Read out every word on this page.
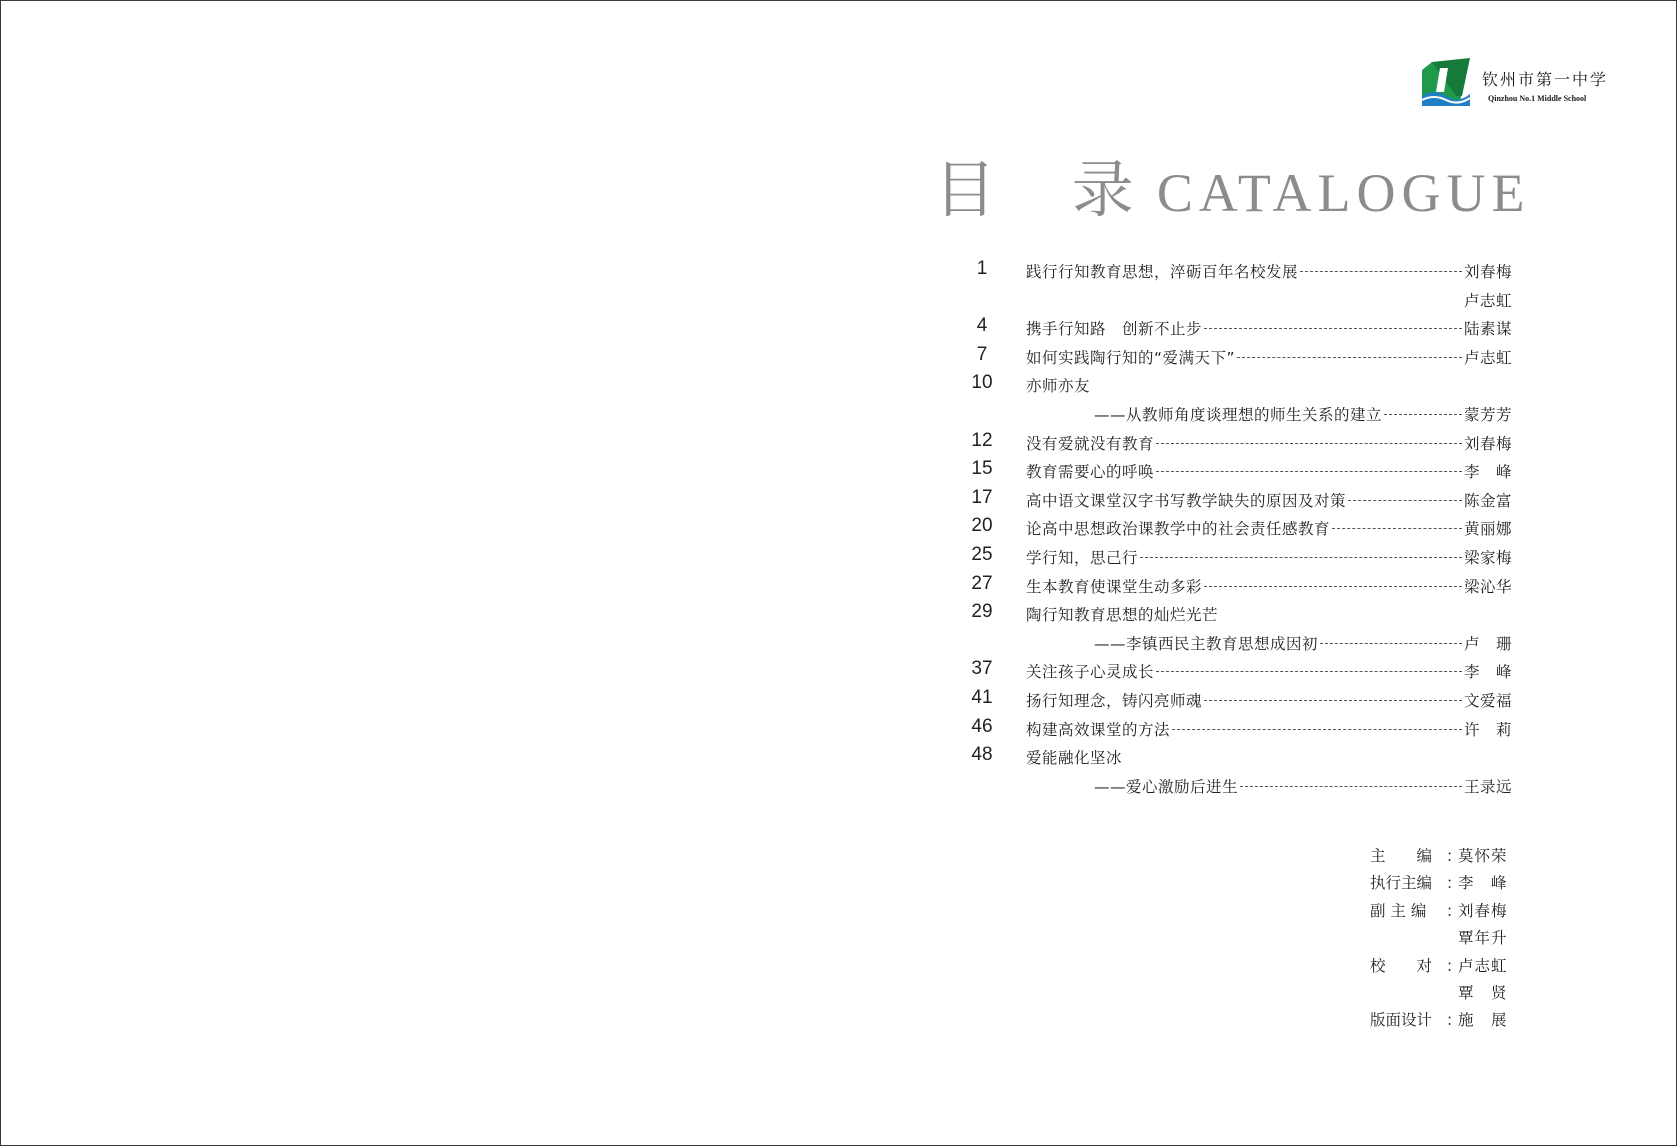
钦州市第一中学
Qinzhou No.1 Middle School
目 录 CATALOGUE
1	践行行知教育思想，淬砺百年名校发展	刘春梅
卢志虹
4	携手行知路　创新不止步	陆素谋
7	如何实践陶行知的“爱满天下”	卢志虹
10	亦师亦友
——从教师角度谈理想的师生关系的建立	蒙芳芳
12	没有爱就没有教育	刘春梅
15	教育需要心的呼唤	李　峰
17	高中语文课堂汉字书写教学缺失的原因及对策	陈金富
20	论高中思想政治课教学中的社会责任感教育	黄丽娜
25	学行知，思己行	梁家梅
27	生本教育使课堂生动多彩	梁沁华
29	陶行知教育思想的灿烂光芒
——李镇西民主教育思想成因初	卢　珊
37	关注孩子心灵成长	李　峰
41	扬行知理念，铸闪亮师魂	文爱福
46	构建高效课堂的方法	许　莉
48	爱能融化坚冰
——爱心激励后进生	王录远
主　　编 ：
莫怀荣
执行主编 ：
李　峰
副 主 编 ：
刘春梅
覃年升
校　　对 ：
卢志虹
覃　贤
版面设计 ：
施　展
